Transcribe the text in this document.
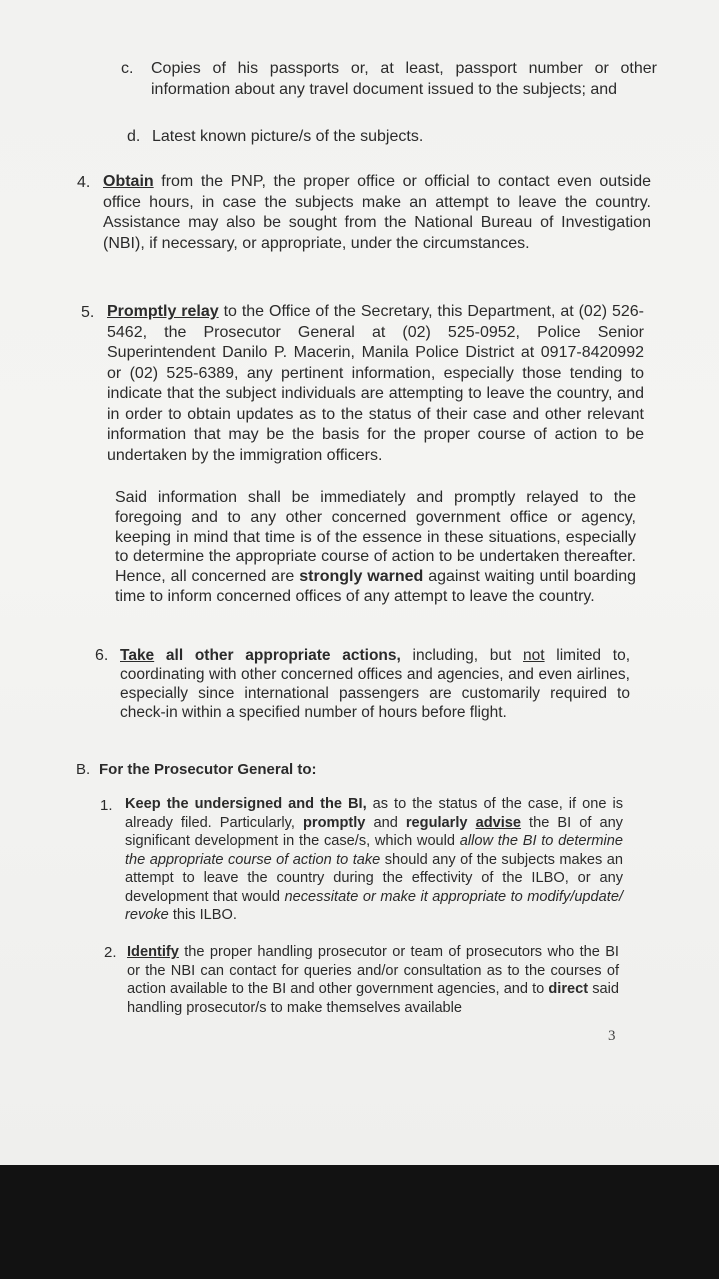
c. Copies of his passports or, at least, passport number or other information about any travel document issued to the subjects; and

d. Latest known picture/s of the subjects.

4. Obtain from the PNP, the proper office or official to contact even outside office hours, in case the subjects make an attempt to leave the country. Assistance may also be sought from the National Bureau of Investigation (NBI), if necessary, or appropriate, under the circumstances.

5. Promptly relay to the Office of the Secretary, this Department, at (02) 526-5462, the Prosecutor General at (02) 525-0952, Police Senior Superintendent Danilo P. Macerin, Manila Police District at 0917-8420992 or (02) 525-6389, any pertinent information, especially those tending to indicate that the subject individuals are attempting to leave the country, and in order to obtain updates as to the status of their case and other relevant information that may be the basis for the proper course of action to be undertaken by the immigration officers.

Said information shall be immediately and promptly relayed to the foregoing and to any other concerned government office or agency, keeping in mind that time is of the essence in these situations, especially to determine the appropriate course of action to be undertaken thereafter. Hence, all concerned are strongly warned against waiting until boarding time to inform concerned offices of any attempt to leave the country.

6. Take all other appropriate actions, including, but not limited to, coordinating with other concerned offices and agencies, and even airlines, especially since international passengers are customarily required to check-in within a specified number of hours before flight.

B. For the Prosecutor General to:
1. Keep the undersigned and the BI, as to the status of the case, if one is already filed. Particularly, promptly and regularly advise the BI of any significant development in the case/s, which would allow the BI to determine the appropriate course of action to take should any of the subjects makes an attempt to leave the country during the effectivity of the ILBO, or any development that would necessitate or make it appropriate to modify/update/ revoke this ILBO.

2. Identify the proper handling prosecutor or team of prosecutors who the BI or the NBI can contact for queries and/or consultation as to the courses of action available to the BI and other government agencies, and to direct said handling prosecutor/s to make themselves available

3
